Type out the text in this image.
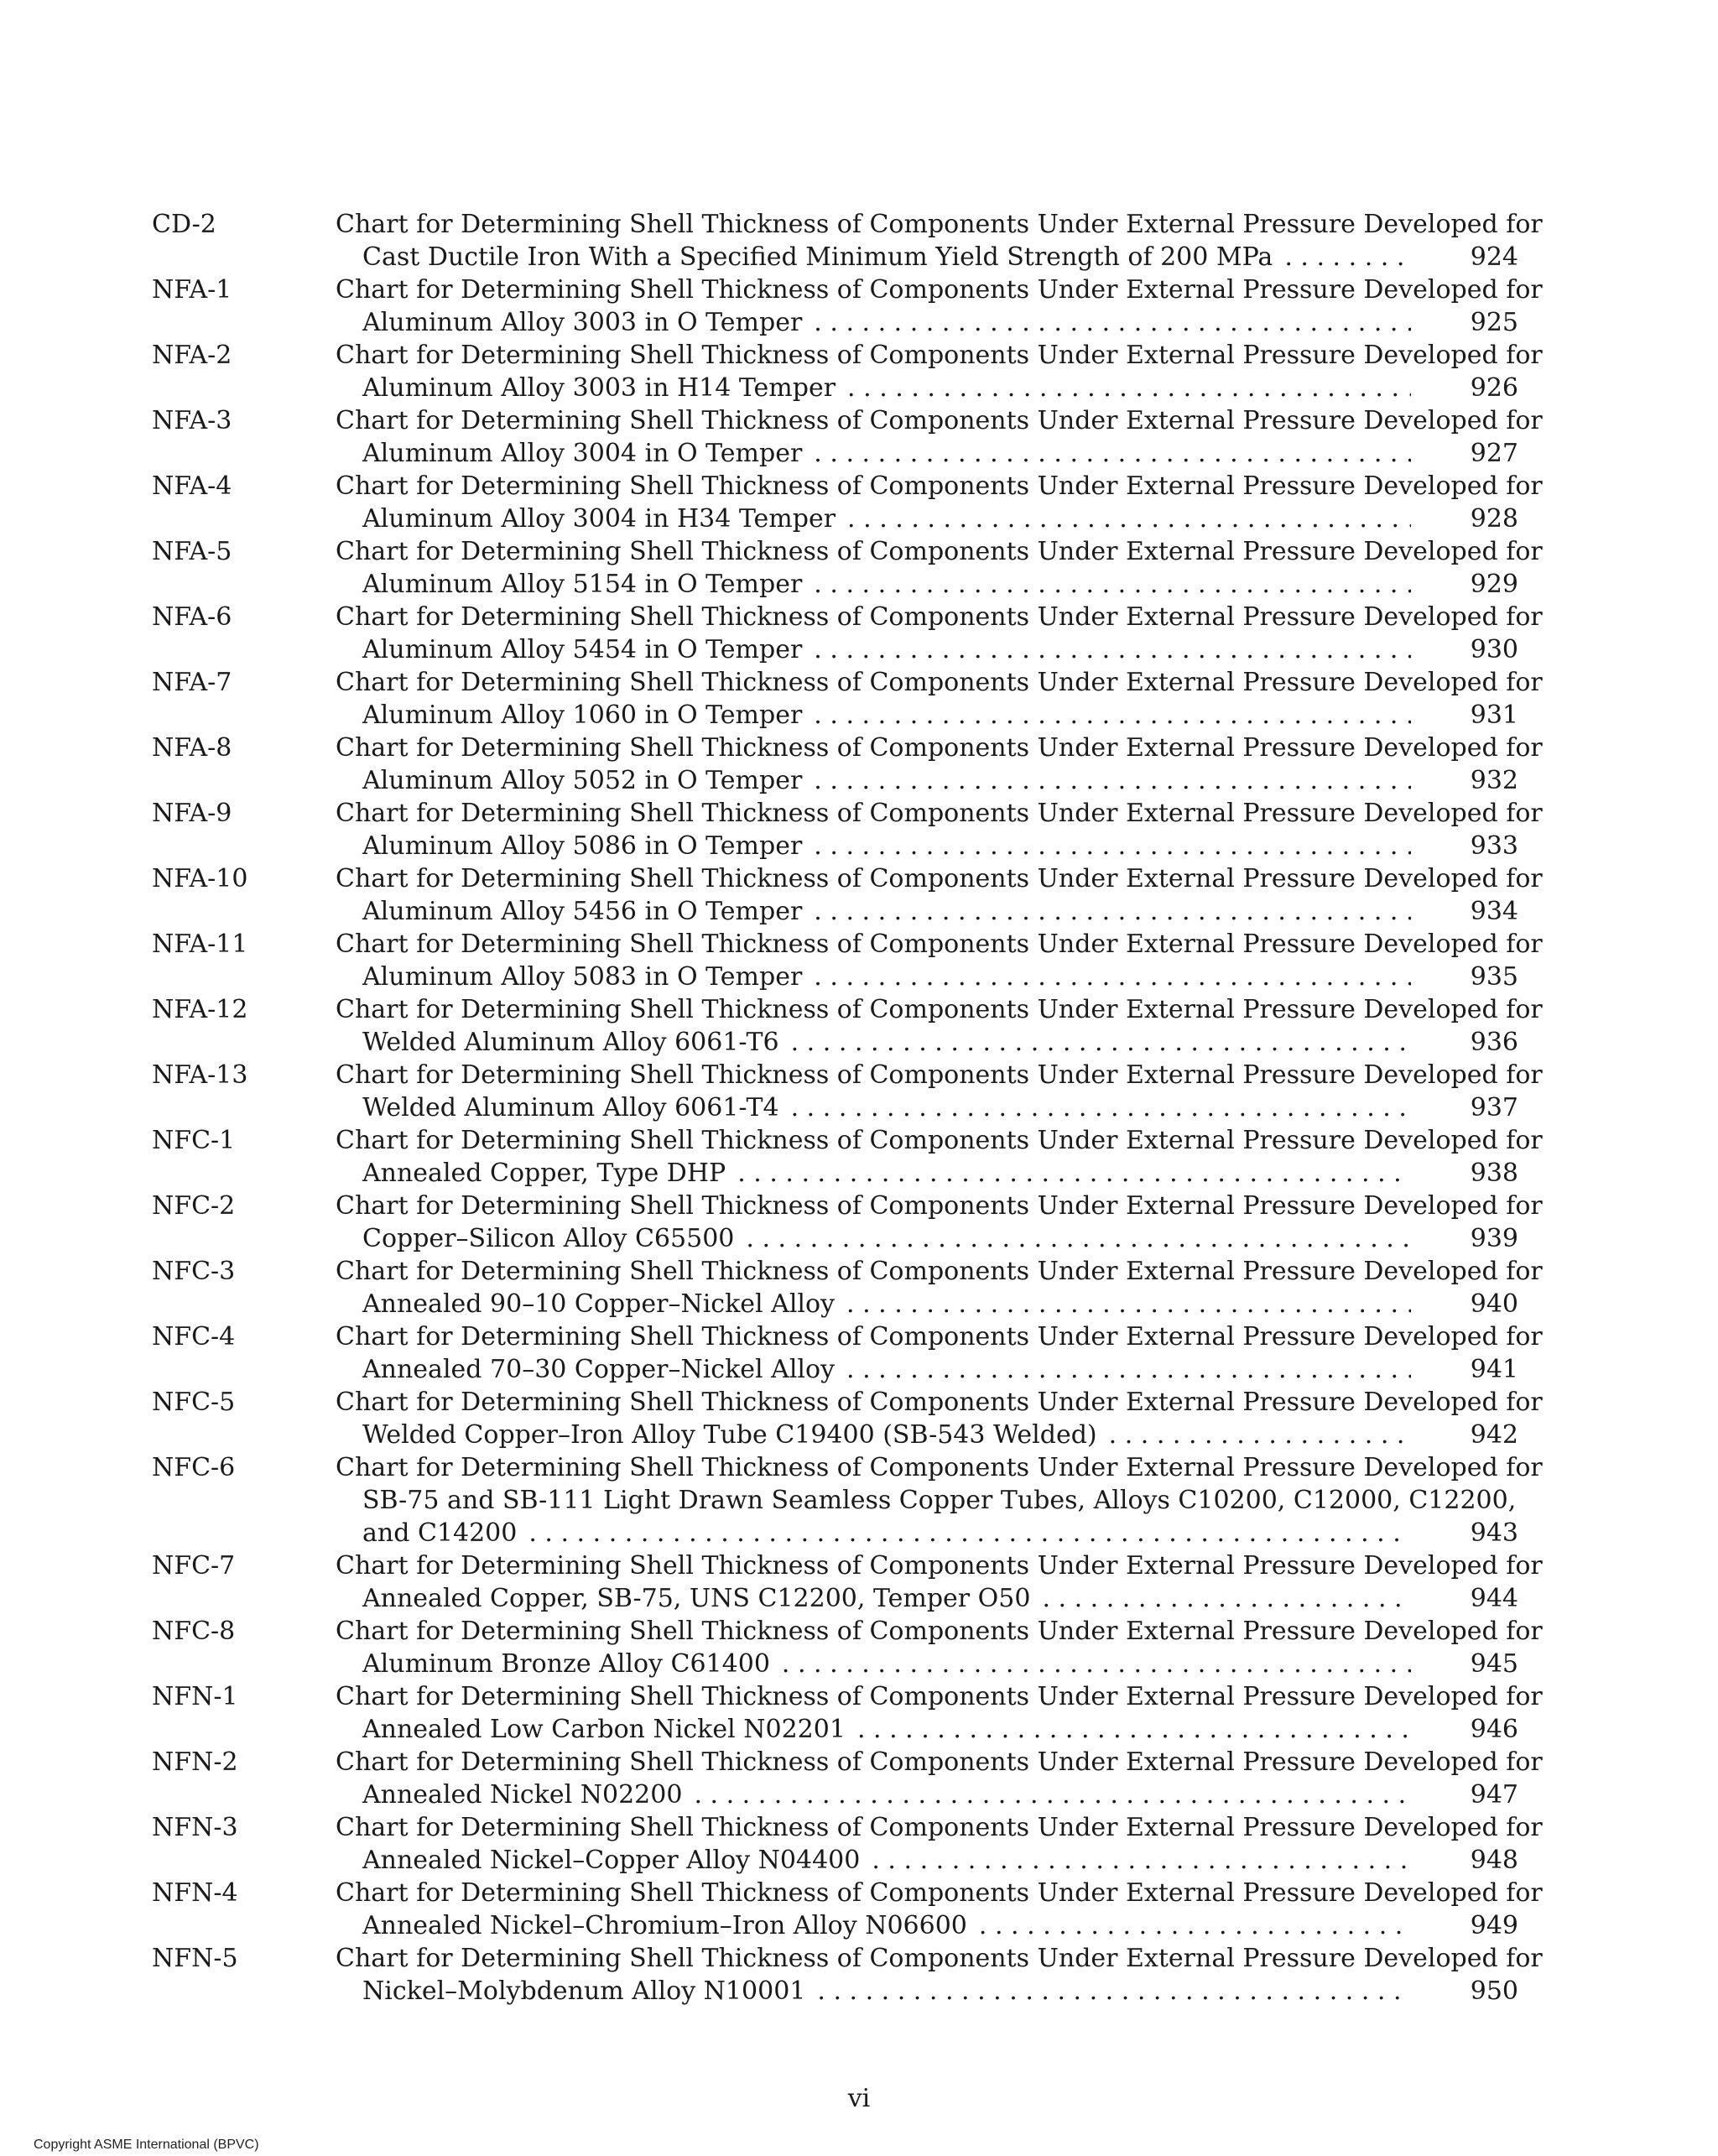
CD-2	Chart for Determining Shell Thickness of Components Under External Pressure Developed for
Cast Ductile Iron With a Specified Minimum Yield Strength of 200 MPa . . .	924
NFA-1	Chart for Determining Shell Thickness of Components Under External Pressure Developed for
Aluminum Alloy 3003 in O Temper . . .	925
NFA-2	Chart for Determining Shell Thickness of Components Under External Pressure Developed for
Aluminum Alloy 3003 in H14 Temper . . .	926
NFA-3	Chart for Determining Shell Thickness of Components Under External Pressure Developed for
Aluminum Alloy 3004 in O Temper . . .	927
NFA-4	Chart for Determining Shell Thickness of Components Under External Pressure Developed for
Aluminum Alloy 3004 in H34 Temper . . .	928
NFA-5	Chart for Determining Shell Thickness of Components Under External Pressure Developed for
Aluminum Alloy 5154 in O Temper . . .	929
NFA-6	Chart for Determining Shell Thickness of Components Under External Pressure Developed for
Aluminum Alloy 5454 in O Temper . . .	930
NFA-7	Chart for Determining Shell Thickness of Components Under External Pressure Developed for
Aluminum Alloy 1060 in O Temper . . .	931
NFA-8	Chart for Determining Shell Thickness of Components Under External Pressure Developed for
Aluminum Alloy 5052 in O Temper . . .	932
NFA-9	Chart for Determining Shell Thickness of Components Under External Pressure Developed for
Aluminum Alloy 5086 in O Temper . . .	933
NFA-10	Chart for Determining Shell Thickness of Components Under External Pressure Developed for
Aluminum Alloy 5456 in O Temper . . .	934
NFA-11	Chart for Determining Shell Thickness of Components Under External Pressure Developed for
Aluminum Alloy 5083 in O Temper . . .	935
NFA-12	Chart for Determining Shell Thickness of Components Under External Pressure Developed for
Welded Aluminum Alloy 6061-T6 . . .	936
NFA-13	Chart for Determining Shell Thickness of Components Under External Pressure Developed for
Welded Aluminum Alloy 6061-T4 . . .	937
NFC-1	Chart for Determining Shell Thickness of Components Under External Pressure Developed for
Annealed Copper, Type DHP . . .	938
NFC-2	Chart for Determining Shell Thickness of Components Under External Pressure Developed for
Copper–Silicon Alloy C65500 . . .	939
NFC-3	Chart for Determining Shell Thickness of Components Under External Pressure Developed for
Annealed 90–10 Copper–Nickel Alloy . . .	940
NFC-4	Chart for Determining Shell Thickness of Components Under External Pressure Developed for
Annealed 70–30 Copper–Nickel Alloy . . .	941
NFC-5	Chart for Determining Shell Thickness of Components Under External Pressure Developed for
Welded Copper–Iron Alloy Tube C19400 (SB-543 Welded) . . .	942
NFC-6	Chart for Determining Shell Thickness of Components Under External Pressure Developed for
SB-75 and SB-111 Light Drawn Seamless Copper Tubes, Alloys C10200, C12000, C12200,
and C14200 . . .	943
NFC-7	Chart for Determining Shell Thickness of Components Under External Pressure Developed for
Annealed Copper, SB-75, UNS C12200, Temper O50 . . .	944
NFC-8	Chart for Determining Shell Thickness of Components Under External Pressure Developed for
Aluminum Bronze Alloy C61400 . . .	945
NFN-1	Chart for Determining Shell Thickness of Components Under External Pressure Developed for
Annealed Low Carbon Nickel N02201 . . .	946
NFN-2	Chart for Determining Shell Thickness of Components Under External Pressure Developed for
Annealed Nickel N02200 . . .	947
NFN-3	Chart for Determining Shell Thickness of Components Under External Pressure Developed for
Annealed Nickel–Copper Alloy N04400 . . .	948
NFN-4	Chart for Determining Shell Thickness of Components Under External Pressure Developed for
Annealed Nickel–Chromium–Iron Alloy N06600 . . .	949
NFN-5	Chart for Determining Shell Thickness of Components Under External Pressure Developed for
Nickel–Molybdenum Alloy N10001 . . .	950
vi
Copyright ASME International (BPVC)
